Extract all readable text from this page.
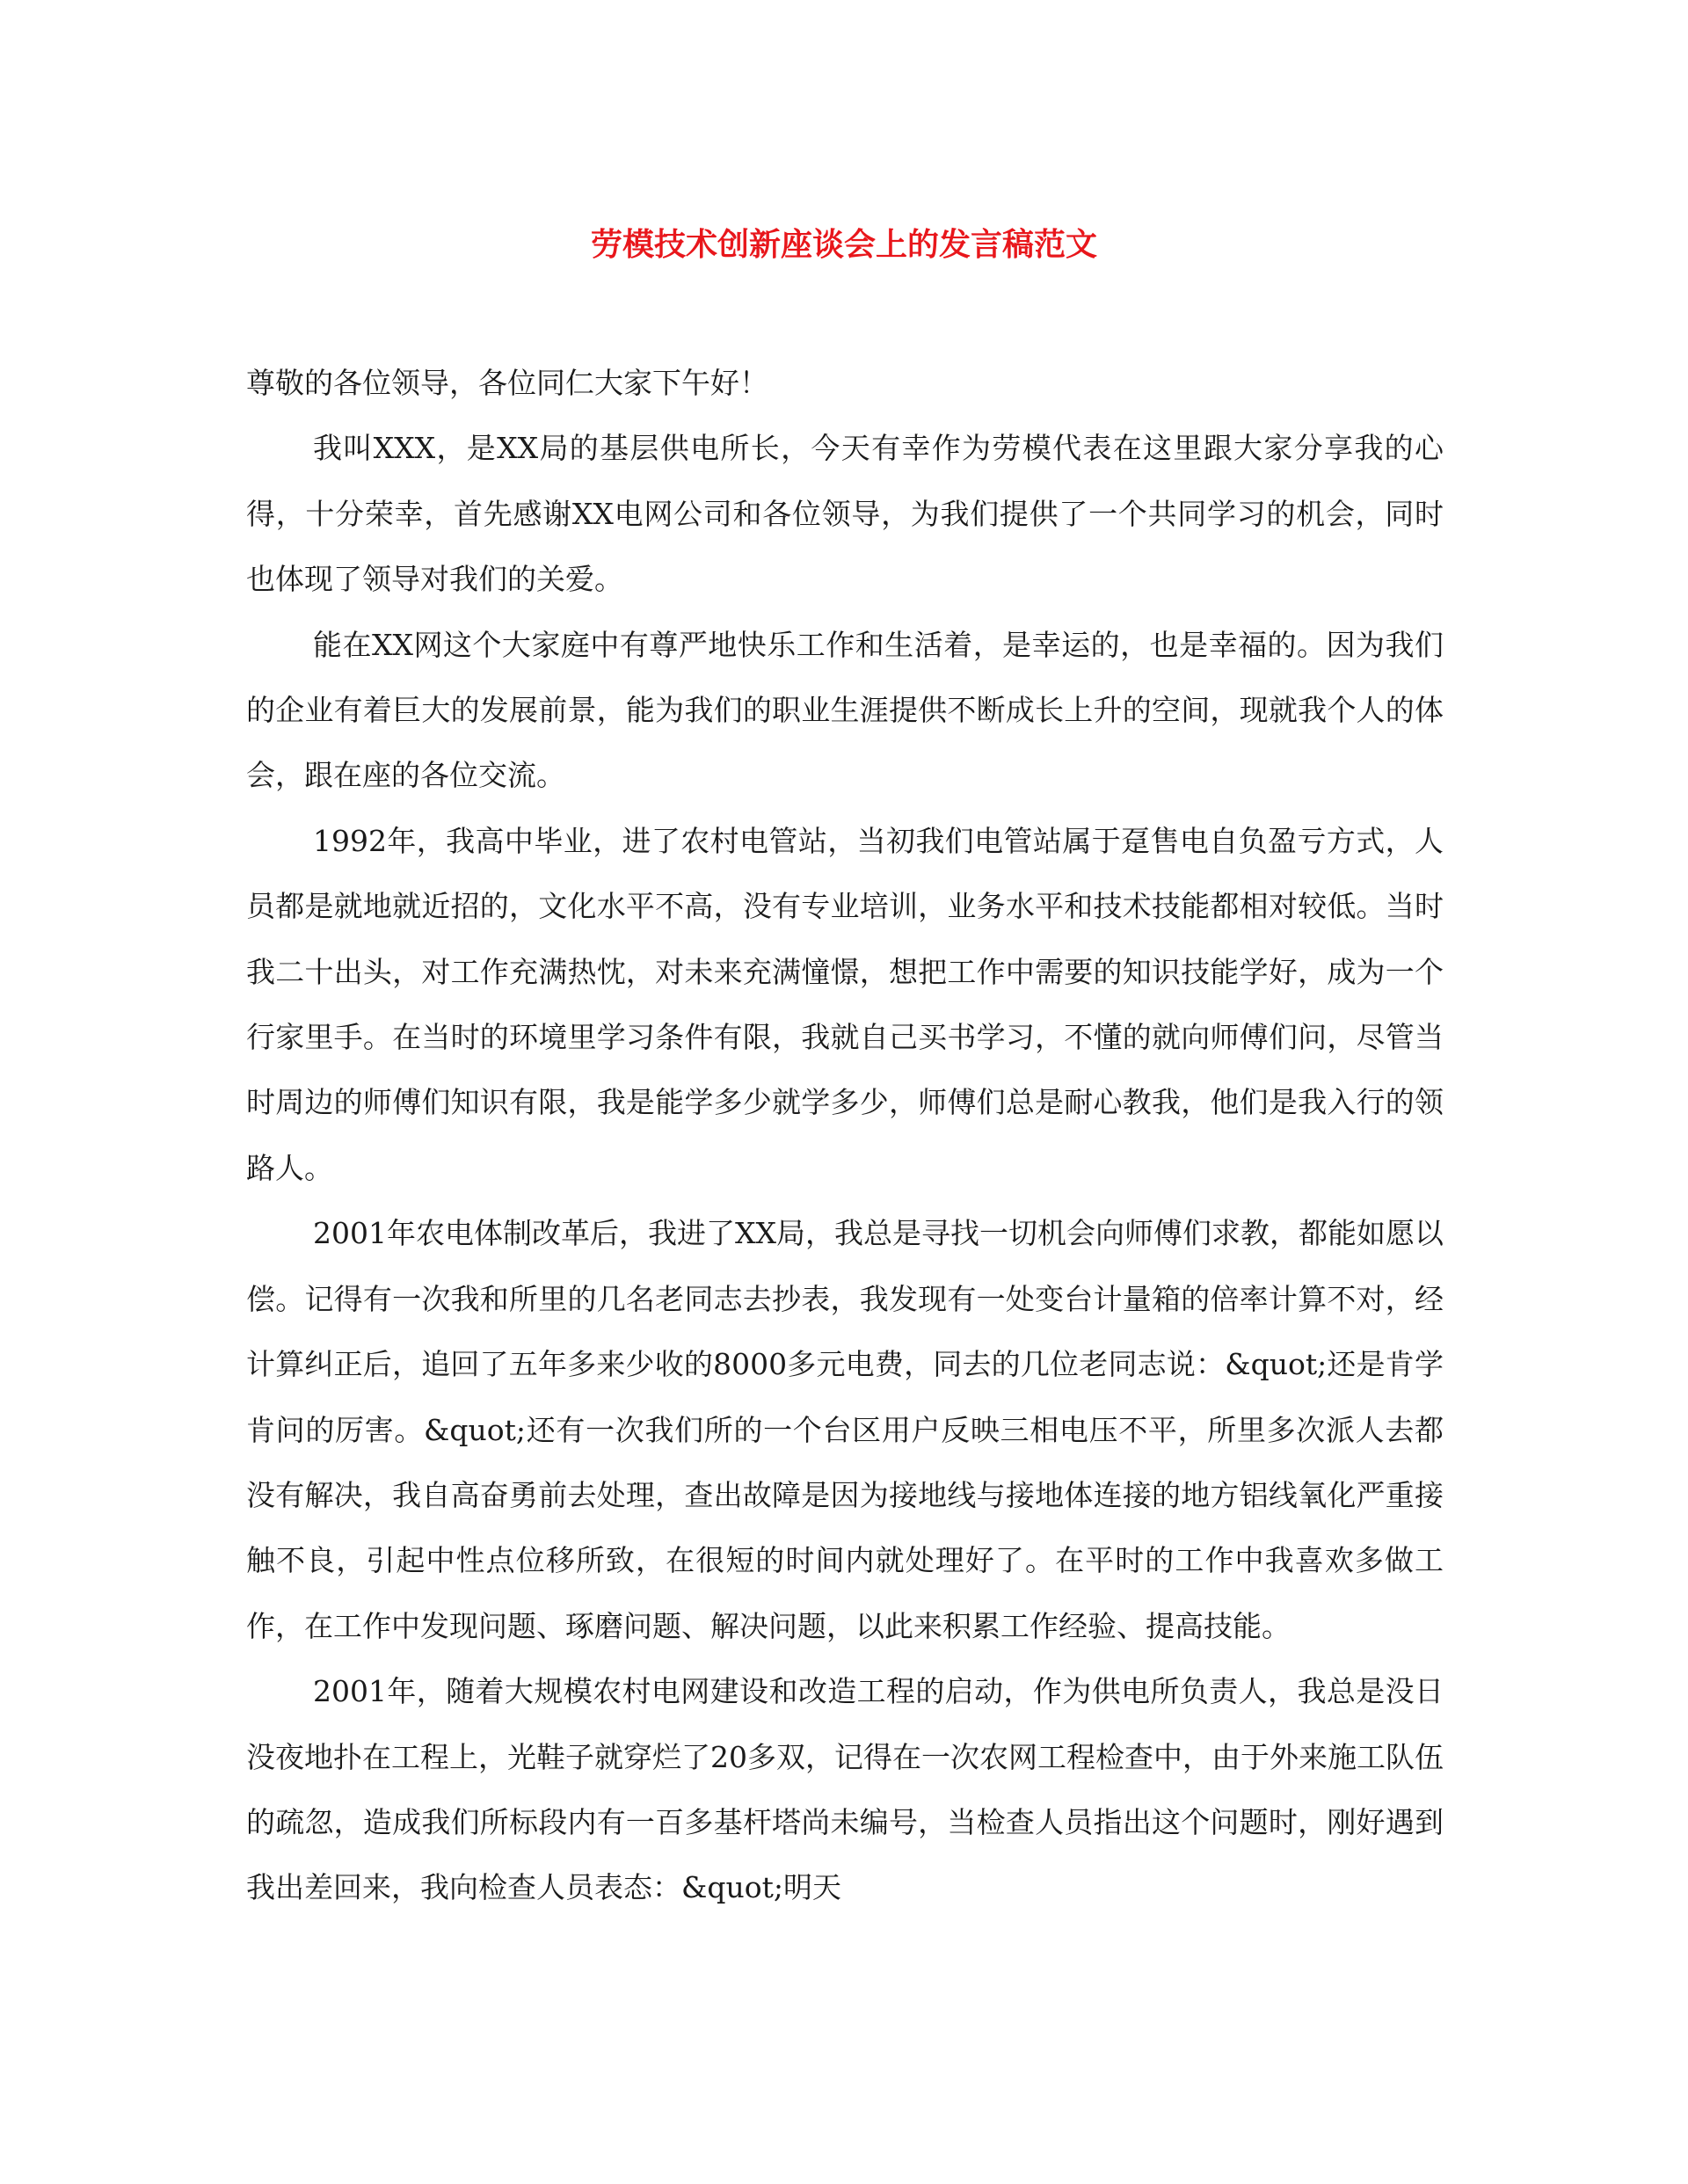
劳模技术创新座谈会上的发言稿范文

尊敬的各位领导，各位同仁大家下午好！

我叫XXX，是XX局的基层供电所长，今天有幸作为劳模代表在这里跟大家分享我的心得，十分荣幸，首先感谢XX电网公司和各位领导，为我们提供了一个共同学习的机会，同时也体现了领导对我们的关爱。

能在XX网这个大家庭中有尊严地快乐工作和生活着，是幸运的，也是幸福的。因为我们的企业有着巨大的发展前景，能为我们的职业生涯提供不断成长上升的空间，现就我个人的体会，跟在座的各位交流。

1992年，我高中毕业，进了农村电管站，当初我们电管站属于趸售电自负盈亏方式，人员都是就地就近招的，文化水平不高，没有专业培训，业务水平和技术技能都相对较低。当时我二十出头，对工作充满热忱，对未来充满憧憬，想把工作中需要的知识技能学好，成为一个行家里手。在当时的环境里学习条件有限，我就自己买书学习，不懂的就向师傅们问，尽管当时周边的师傅们知识有限，我是能学多少就学多少，师傅们总是耐心教我，他们是我入行的领路人。

2001年农电体制改革后，我进了XX局，我总是寻找一切机会向师傅们求教，都能如愿以偿。记得有一次我和所里的几名老同志去抄表，我发现有一处变台计量箱的倍率计算不对，经计算纠正后，追回了五年多来少收的8000多元电费，同去的几位老同志说：&quot;还是肯学肯问的厉害。&quot;还有一次我们所的一个台区用户反映三相电压不平，所里多次派人去都没有解决，我自高奋勇前去处理，查出故障是因为接地线与接地体连接的地方铝线氧化严重接触不良，引起中性点位移所致，在很短的时间内就处理好了。在平时的工作中我喜欢多做工作，在工作中发现问题、琢磨问题、解决问题，以此来积累工作经验、提高技能。

2001年，随着大规模农村电网建设和改造工程的启动，作为供电所负责人，我总是没日没夜地扑在工程上，光鞋子就穿烂了20多双，记得在一次农网工程检查中，由于外来施工队伍的疏忽，造成我们所标段内有一百多基杆塔尚未编号，当检查人员指出这个问题时，刚好遇到我出差回来，我向检查人员表态：&quot;明天
